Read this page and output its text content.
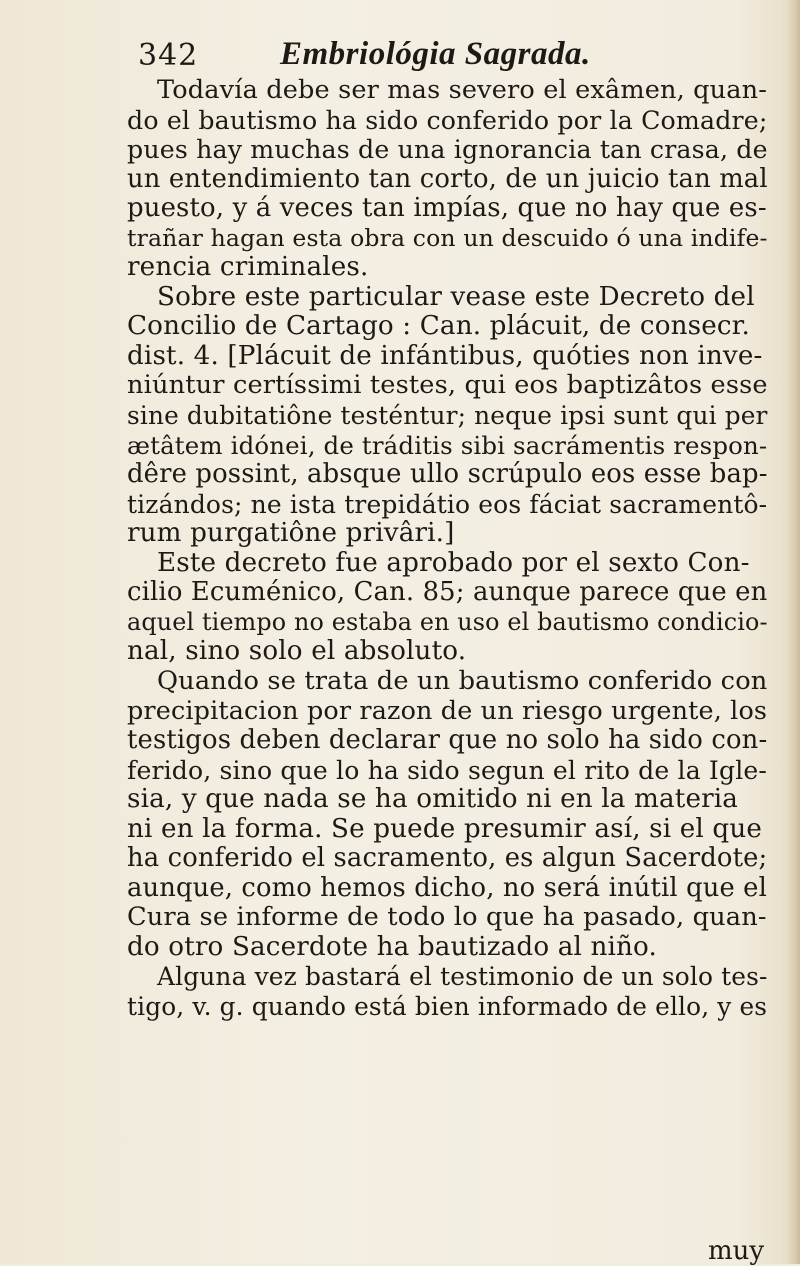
342 Embriológia Sagrada.
Todavía debe ser mas severo el exâmen, quan-
do el bautismo ha sido conferido por la Comadre;
pues hay muchas de una ignorancia tan crasa, de
un entendimiento tan corto, de un juicio tan mal
puesto, y á veces tan impías, que no hay que es-
trañar hagan esta obra con un descuido ó una indife-
rencia criminales.
Sobre este particular vease este Decreto del
Concilio de Cartago : Can. plácuit, de consecr.
dist. 4. [Plácuit de infántibus, quóties non inve-
niúntur certíssimi testes, qui eos baptizâtos esse
sine dubitatiône testéntur; neque ipsi sunt qui per
ætâtem idónei, de tráditis sibi sacrámentis respon-
dêre possint, absque ullo scrúpulo eos esse bap-
tizándos; ne ista trepidátio eos fáciat sacramentô-
rum purgatiône privâri.]
Este decreto fue aprobado por el sexto Con-
cilio Ecuménico, Can. 85; aunque parece que en
aquel tiempo no estaba en uso el bautismo condicio-
nal, sino solo el absoluto.
Quando se trata de un bautismo conferido con
precipitacion por razon de un riesgo urgente, los
testigos deben declarar que no solo ha sido con-
ferido, sino que lo ha sido segun el rito de la Igle-
sia, y que nada se ha omitido ni en la materia
ni en la forma. Se puede presumir así, si el que
ha conferido el sacramento, es algun Sacerdote;
aunque, como hemos dicho, no será inútil que el
Cura se informe de todo lo que ha pasado, quan-
do otro Sacerdote ha bautizado al niño.
Alguna vez bastará el testimonio de un solo tes-
tigo, v. g. quando está bien informado de ello, y es
muy
